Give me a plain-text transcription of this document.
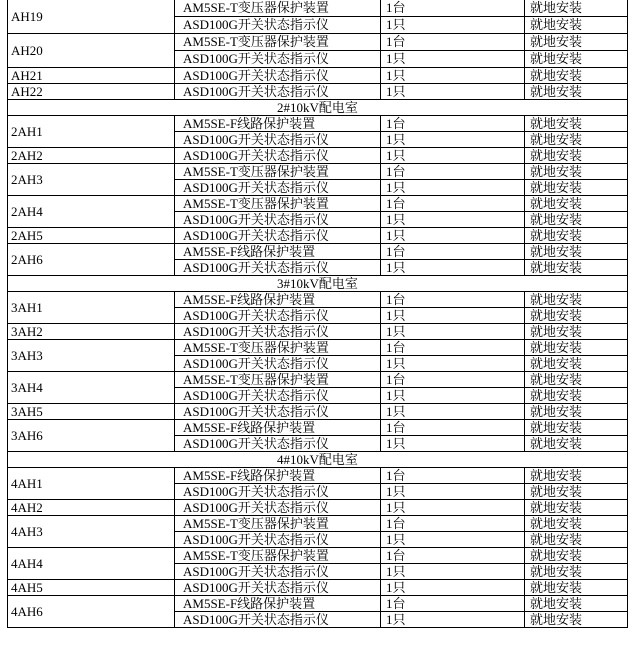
AH19
AM5SE-T变压器保护装置	1台	就地安装
ASD100G开关状态指示仪	1只	就地安装
AH20
AM5SE-T变压器保护装置	1台	就地安装
ASD100G开关状态指示仪	1只	就地安装
AH21	ASD100G开关状态指示仪	1只	就地安装
AH22	ASD100G开关状态指示仪	1只	就地安装
2#10kV配电室
2AH1
AM5SE-F线路保护装置	1台	就地安装
ASD100G开关状态指示仪	1只	就地安装
2AH2	ASD100G开关状态指示仪	1只	就地安装
2AH3
AM5SE-T变压器保护装置	1台	就地安装
ASD100G开关状态指示仪	1只	就地安装
2AH4
AM5SE-T变压器保护装置	1台	就地安装
ASD100G开关状态指示仪	1只	就地安装
2AH5	ASD100G开关状态指示仪	1只	就地安装
2AH6
AM5SE-F线路保护装置	1台	就地安装
ASD100G开关状态指示仪	1只	就地安装
3#10kV配电室
3AH1
AM5SE-F线路保护装置	1台	就地安装
ASD100G开关状态指示仪	1只	就地安装
3AH2	ASD100G开关状态指示仪	1只	就地安装
3AH3
AM5SE-T变压器保护装置	1台	就地安装
ASD100G开关状态指示仪	1只	就地安装
3AH4
AM5SE-T变压器保护装置	1台	就地安装
ASD100G开关状态指示仪	1只	就地安装
3AH5	ASD100G开关状态指示仪	1只	就地安装
3AH6
AM5SE-F线路保护装置	1台	就地安装
ASD100G开关状态指示仪	1只	就地安装
4#10kV配电室
4AH1
AM5SE-F线路保护装置	1台	就地安装
ASD100G开关状态指示仪	1只	就地安装
4AH2	ASD100G开关状态指示仪	1只	就地安装
4AH3
AM5SE-T变压器保护装置	1台	就地安装
ASD100G开关状态指示仪	1只	就地安装
4AH4
AM5SE-T变压器保护装置	1台	就地安装
ASD100G开关状态指示仪	1只	就地安装
4AH5	ASD100G开关状态指示仪	1只	就地安装
4AH6
AM5SE-F线路保护装置	1台	就地安装
ASD100G开关状态指示仪	1只	就地安装
